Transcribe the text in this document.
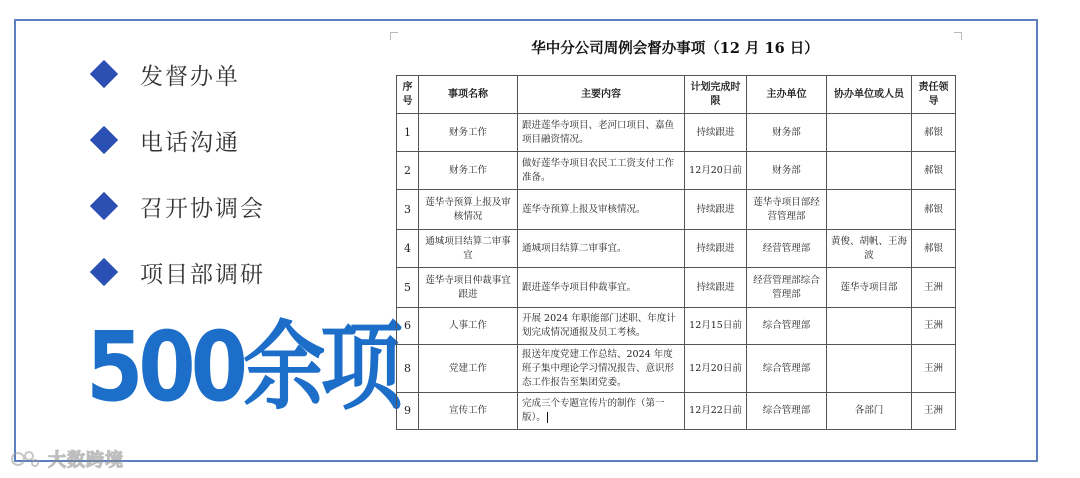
发督办单
电话沟通
召开协调会
项目部调研
500余项
大数跨境
华中分公司周例会督办事项（12 月 16 日）
序号	事项名称	主要内容	计划完成时限	主办单位	协办单位或人员	责任领导
1	财务工作	跟进莲华寺项目、老河口项目、嘉鱼项目融资情况。	持续跟进	财务部		郝银
2	财务工作	做好莲华寺项目农民工工资支付工作准备。	12月20日前	财务部		郝银
3	莲华寺预算上报及审核情况	莲华寺预算上报及审核情况。	持续跟进	莲华寺项目部经营管理部		郝银
4	通城项目结算二审事宜	通城项目结算二审事宜。	持续跟进	经营管理部	黄俊、胡帆、王海波	郝银
5	莲华寺项目仲裁事宜跟进	跟进莲华寺项目仲裁事宜。	持续跟进	经营管理部综合管理部	莲华寺项目部	王洲
6	人事工作	开展 2024 年职能部门述职、年度计划完成情况通报及员工考核。	12月15日前	综合管理部		王洲
8	党建工作	报送年度党建工作总结、2024 年度班子集中理论学习情况报告、意识形态工作报告至集团党委。	12月20日前	综合管理部		王洲
9	宣传工作	完成三个专题宣传片的制作（第一版）。	12月22日前	综合管理部	各部门	王洲
